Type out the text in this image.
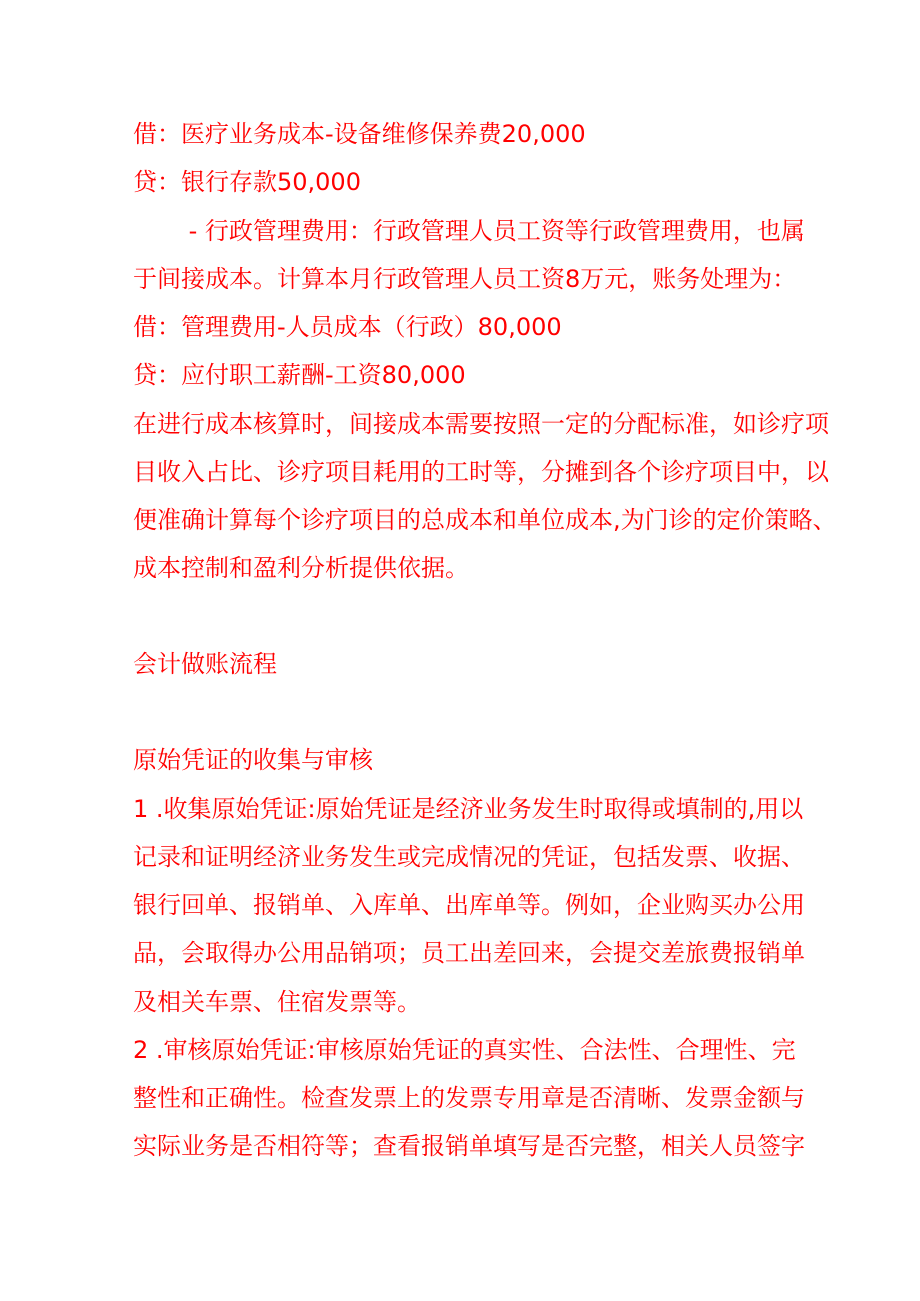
借：医疗业务成本-设备维修保养费20,000
贷：银行存款50,000
　　 - 行政管理费用：行政管理人员工资等行政管理费用，也属
于间接成本。计算本月行政管理人员工资8万元，账务处理为：
借：管理费用-人员成本（行政）80,000
贷：应付职工薪酬-工资80,000
在进行成本核算时，间接成本需要按照一定的分配标准，如诊疗项
目收入占比、诊疗项目耗用的工时等，分摊到各个诊疗项目中，以
便准确计算每个诊疗项目的总成本和单位成本,为门诊的定价策略、
成本控制和盈利分析提供依据。
会计做账流程
原始凭证的收集与审核
1 .收集原始凭证:原始凭证是经济业务发生时取得或填制的,用以
记录和证明经济业务发生或完成情况的凭证，包括发票、收据、
银行回单、报销单、入库单、出库单等。例如，企业购买办公用
品，会取得办公用品销项；员工出差回来，会提交差旅费报销单
及相关车票、住宿发票等。
2 .审核原始凭证:审核原始凭证的真实性、合法性、合理性、完
整性和正确性。检查发票上的发票专用章是否清晰、发票金额与
实际业务是否相符等；查看报销单填写是否完整，相关人员签字
